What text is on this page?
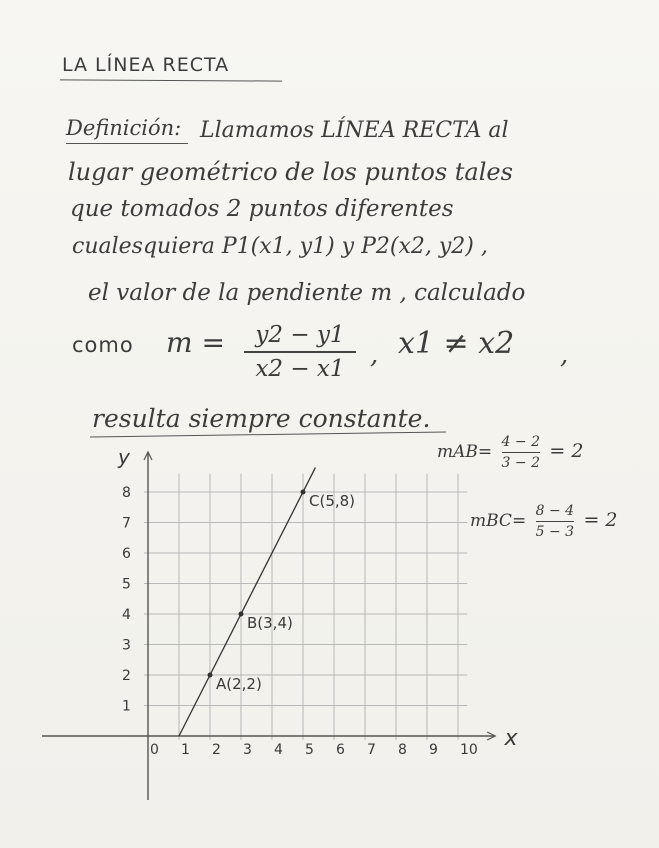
LA LÍNEA RECTA
Definición: Llamamos LÍNEA RECTA al
lugar geométrico de los puntos tales
que tomados 2 puntos diferentes
cualesquiera P1(x1, y1) y P2(x2, y2) ,
el valor de la pendiente m , calculado
como m =	y2 − y1
x2 − x1 , x1 ≠ x2 ,
resulta siempre constante.
$mAB= \frac{4 - 2}{3 - 2} = 2$
$mBC= \frac{8 - 4}{5 - 3} = 2$
x
y
1 2 3 4 5 6 7 8 9 10
1
2
3
4
5
6
7
8
0
A(2,2)
B(3,4)
C(5,8)
